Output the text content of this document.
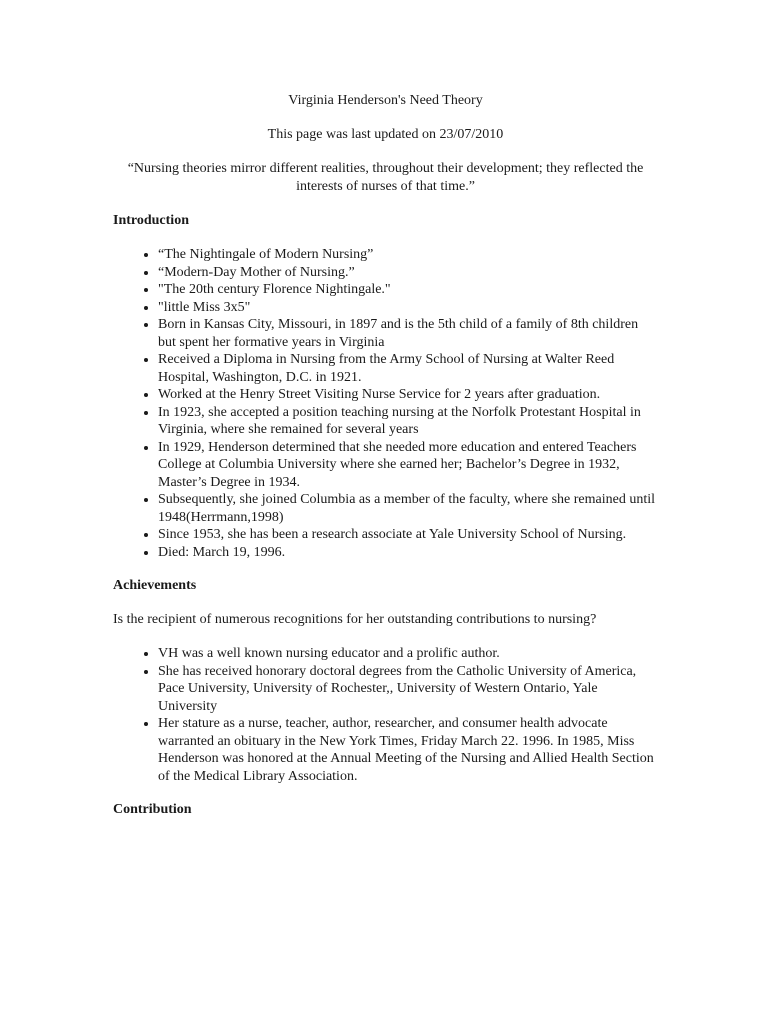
Virginia Henderson's Need Theory

This page was last updated on 23/07/2010

“Nursing theories mirror different realities, throughout their development; they reflected the interests of nurses of that time.”

Introduction

• “The Nightingale of Modern Nursing”
• “Modern-Day Mother of Nursing.”
• "The 20th century Florence Nightingale."
• "little Miss 3x5"
• Born in Kansas City, Missouri, in 1897 and is the 5th child of a family of 8th children but spent her formative years in Virginia
• Received a Diploma in Nursing from the Army School of Nursing at Walter Reed Hospital, Washington, D.C. in 1921.
• Worked at the Henry Street Visiting Nurse Service for 2 years after graduation.
• In 1923, she accepted a position teaching nursing at the Norfolk Protestant Hospital in Virginia, where she remained for several years
• In 1929, Henderson determined that she needed more education and entered Teachers College at Columbia University where she earned her; Bachelor’s Degree in 1932, Master’s Degree in 1934.
• Subsequently, she joined Columbia as a member of the faculty, where she remained until 1948(Herrmann,1998)
• Since 1953, she has been a research associate at Yale University School of Nursing.
• Died: March 19, 1996.

Achievements

Is the recipient of numerous recognitions for her outstanding contributions to nursing?

• VH was a well known nursing educator and a prolific author.
• She has received honorary doctoral degrees from the Catholic University of America, Pace University, University of Rochester,, University of Western Ontario, Yale University
• Her stature as a nurse, teacher, author, researcher, and consumer health advocate warranted an obituary in the New York Times, Friday March 22. 1996. In 1985, Miss Henderson was honored at the Annual Meeting of the Nursing and Allied Health Section of the Medical Library Association.

Contribution
